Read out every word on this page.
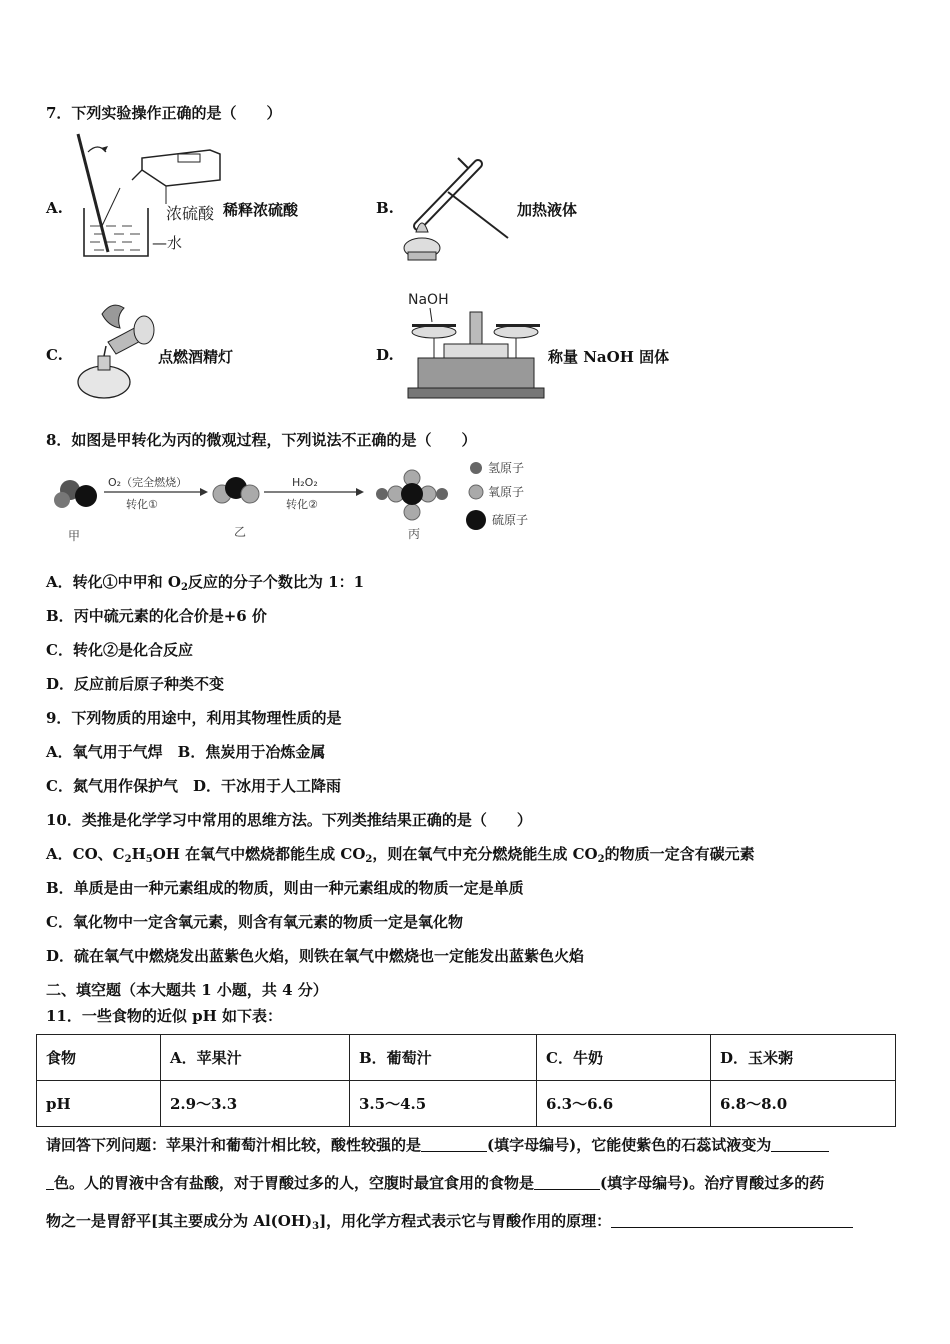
7．下列实验操作正确的是（　　）
A.	浓硫酸
—水
稀释浓硫酸	B.	加热液体
C.	点燃酒精灯	D.
NaOH
称量 NaOH 固体
8．如图是甲转化为丙的微观过程，下列说法不正确的是（　　）
甲
O₂（完全燃烧）
转化①
乙
H₂O₂
转化②
丙
氢原子
氧原子
硫原子
A．转化①中甲和 $O_2$反应的分子个数比为 1：1
B．丙中硫元素的化合价是+6 价
C．转化②是化合反应
D．反应前后原子种类不变
9．下列物质的用途中，利用其物理性质的是
A．氧气用于气焊　B．焦炭用于冶炼金属
C．氮气用作保护气　D．干冰用于人工降雨
10．类推是化学学习中常用的思维方法。下列类推结果正确的是（　　）
A．CO、$C_2H_5OH$ 在氧气中燃烧都能生成 $CO_2$，则在氧气中充分燃烧能生成 $CO_2$的物质一定含有碳元素
B．单质是由一种元素组成的物质，则由一种元素组成的物质一定是单质
C．氧化物中一定含氧元素，则含有氧元素的物质一定是氧化物
D．硫在氧气中燃烧发出蓝紫色火焰，则铁在氧气中燃烧也一定能发出蓝紫色火焰
二、填空题（本大题共 1 小题，共 4 分）
11．一些食物的近似 pH 如下表：
食物	A．苹果汁	B．葡萄汁	C．牛奶	D．玉米粥
pH	2.9～3.3	3.5～4.5	6.3～6.6	6.8～8.0
请回答下列问题：苹果汁和葡萄汁相比较，酸性较强的是	(填字母编号)，它能使紫色的石蕊试液变为
色。人的胃液中含有盐酸，对于胃酸过多的人，空腹时最宜食用的食物是	(填字母编号)。治疗胃酸过多的药
物之一是胃舒平[其主要成分为 $Al(OH)_3$]，用化学方程式表示它与胃酸作用的原理：
